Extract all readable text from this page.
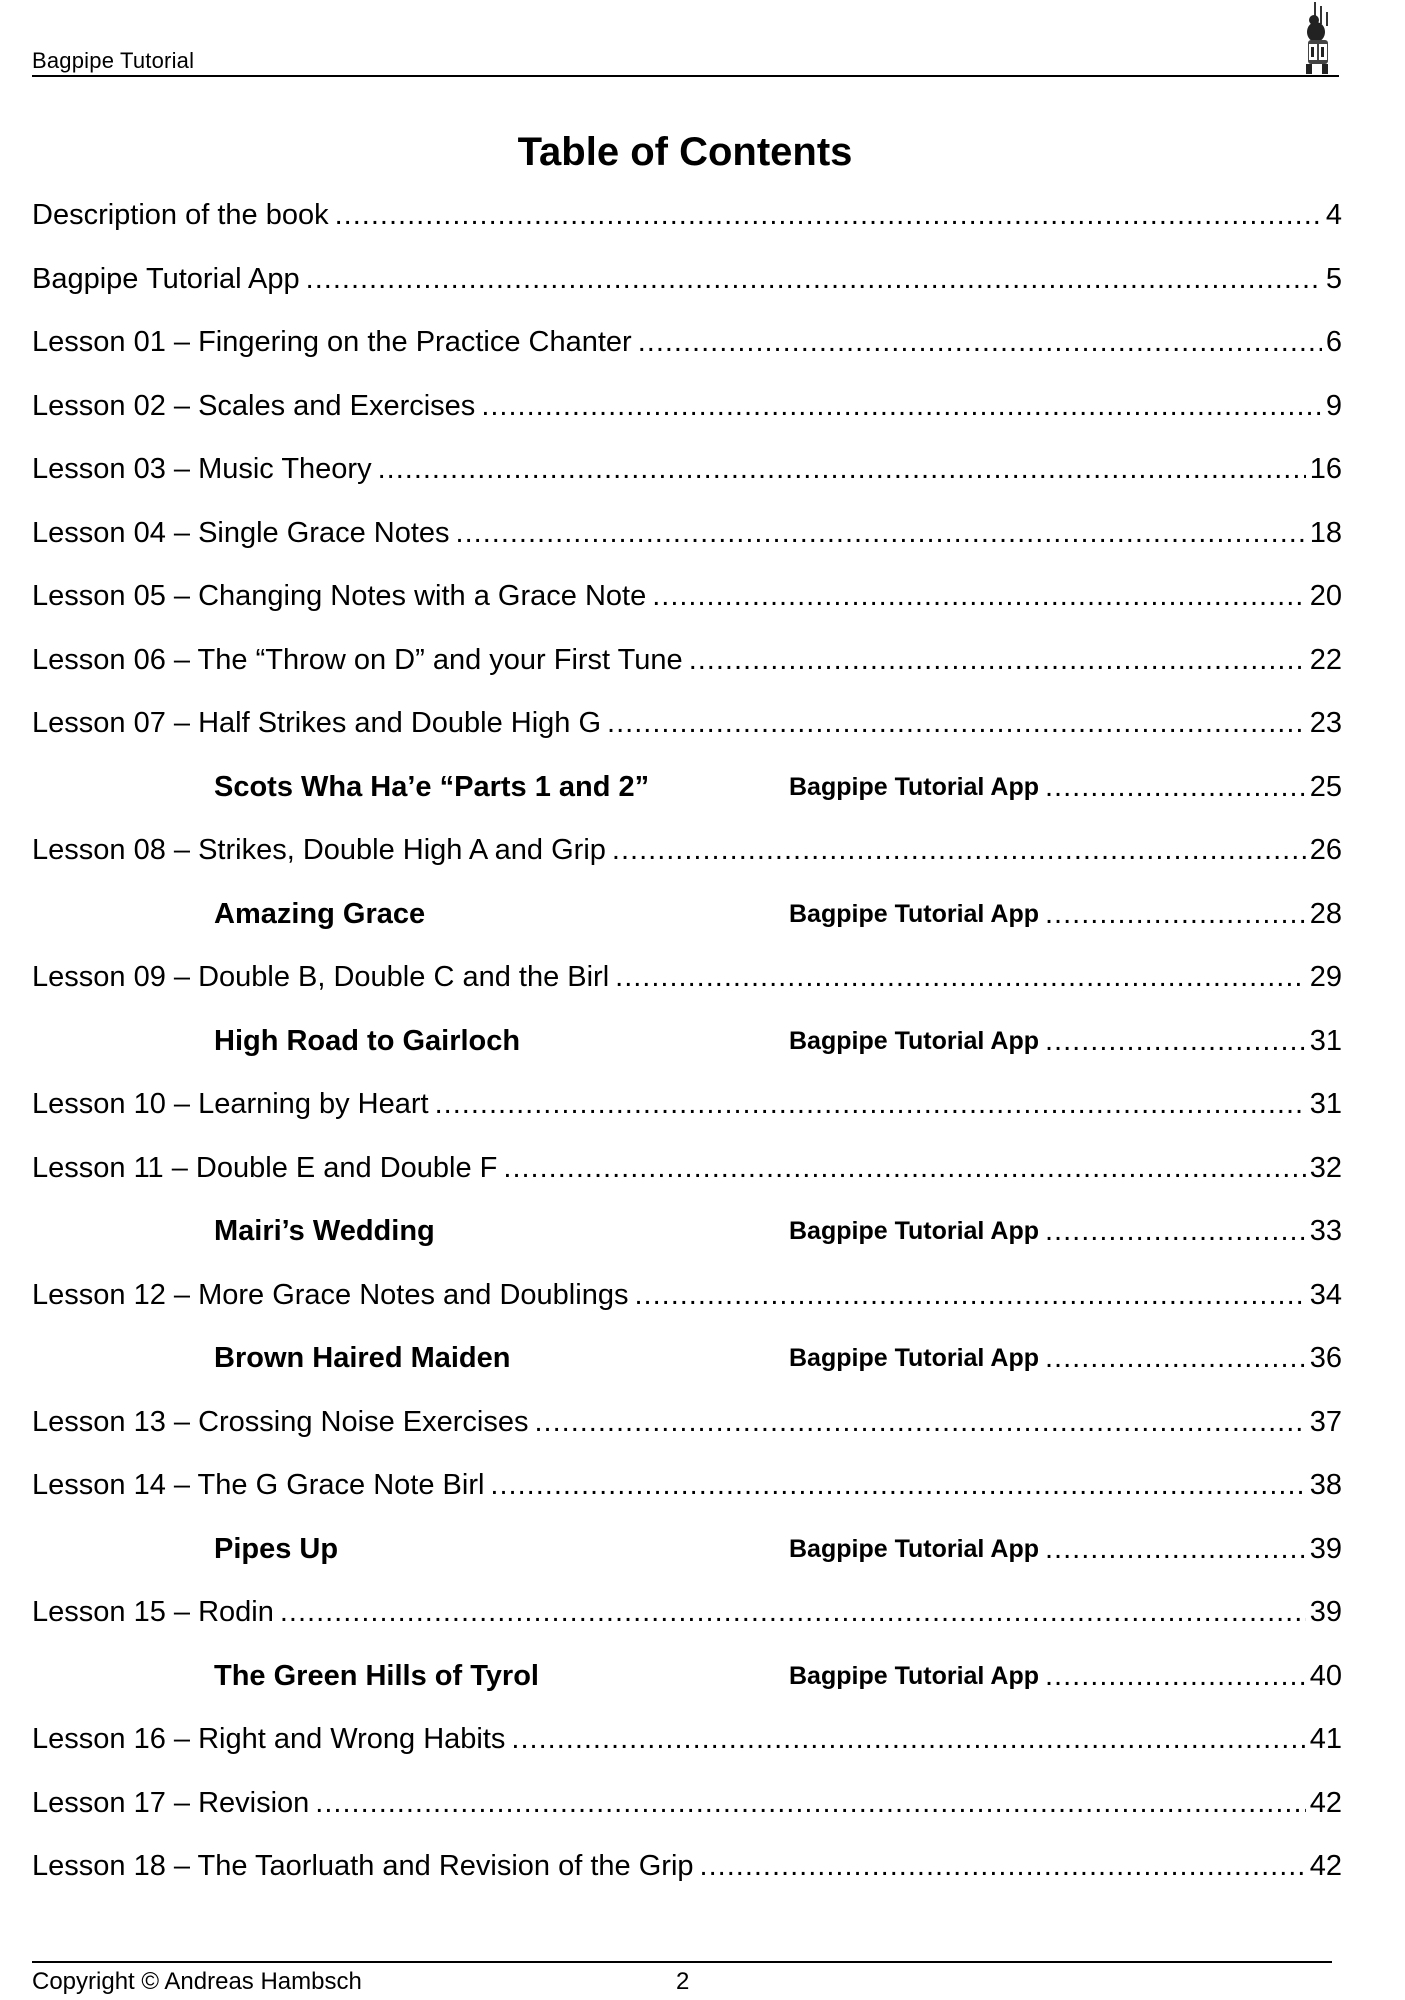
Bagpipe Tutorial
Table of Contents
Description of the book .....	4
Bagpipe Tutorial App .....	5
Lesson 01 – Fingering on the Practice Chanter .....	6
Lesson 02 – Scales and Exercises .....	9
Lesson 03 – Music Theory .....	16
Lesson 04 – Single Grace Notes .....	18
Lesson 05 – Changing Notes with a Grace Note .....	20
Lesson 06 – The “Throw on D” and your First Tune .....	22
Lesson 07 – Half Strikes and Double High G .....	23
Scots Wha Ha’e “Parts 1 and 2”	Bagpipe Tutorial App .....	25
Lesson 08 – Strikes, Double High A and Grip .....	26
Amazing Grace	Bagpipe Tutorial App .....	28
Lesson 09 – Double B, Double C and the Birl .....	29
High Road to Gairloch	Bagpipe Tutorial App .....	31
Lesson 10 – Learning by Heart .....	31
Lesson 11 – Double E and Double F .....	32
Mairi’s Wedding	Bagpipe Tutorial App .....	33
Lesson 12 – More Grace Notes and Doublings .....	34
Brown Haired Maiden	Bagpipe Tutorial App .....	36
Lesson 13 – Crossing Noise Exercises .....	37
Lesson 14 – The G Grace Note Birl .....	38
Pipes Up	Bagpipe Tutorial App .....	39
Lesson 15 – Rodin .....	39
The Green Hills of Tyrol	Bagpipe Tutorial App .....	40
Lesson 16 – Right and Wrong Habits .....	41
Lesson 17 – Revision .....	42
Lesson 18 – The Taorluath and Revision of the Grip .....	42
Copyright © Andreas Hambsch	2
